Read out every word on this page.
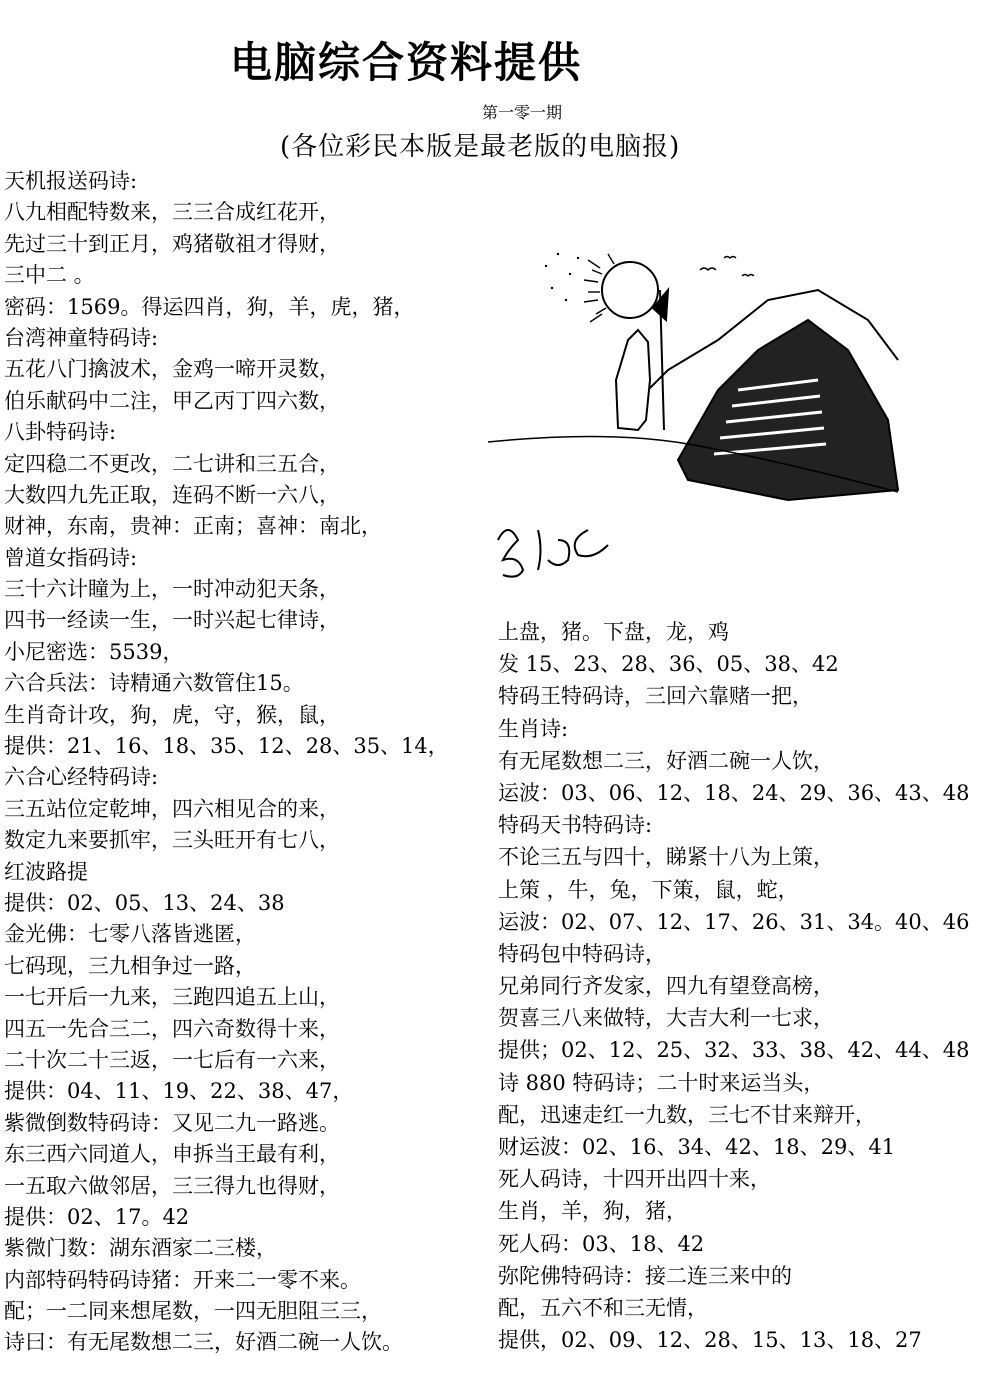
电脑综合资料提供
第一零一期
(各位彩民本版是最老版的电脑报)
天机报送码诗:
八九相配特数来，三三合成红花开，
先过三十到正月，鸡猪敬祖才得财，
三中二 。
密码：1569。得运四肖，狗，羊，虎，猪，
台湾神童特码诗:
五花八门擒波术，金鸡一啼开灵数，
伯乐献码中二注，甲乙丙丁四六数，
八卦特码诗:
定四稳二不更改，二七讲和三五合，
大数四九先正取，连码不断一六八，
财神，东南，贵神：正南；喜神：南北，
曾道女指码诗:
三十六计瞳为上，一时冲动犯天条，
四书一经读一生，一时兴起七律诗，
小尼密选：5539，
六合兵法：诗精通六数管住15。
生肖奇计攻，狗，虎，守，猴，鼠，
提供：21、16、18、35、12、28、35、14，
六合心经特码诗:
三五站位定乾坤，四六相见合的来，
数定九来要抓牢，三头旺开有七八，
红波路提
提供：02、05、13、24、38
金光佛：七零八落皆逃匿，
七码现，三九相争过一路，
一七开后一九来，三跑四追五上山，
四五一先合三二，四六奇数得十来，
二十次二十三返，一七后有一六来，
提供：04、11、19、22、38、47，
紫微倒数特码诗：又见二九一路逃。
东三西六同道人，申拆当王最有利，
一五取六做邻居，三三得九也得财，
提供：02、17。42
紫微门数：湖东酒家二三楼，
内部特码特码诗猪：开来二一零不来。
配；一二同来想尾数，一四无胆阻三三，
诗曰：有无尾数想二三，好酒二碗一人饮。
上盘，猪。下盘，龙，鸡
发 15、23、28、36、05、38、42
特码王特码诗，三回六靠赌一把，
生肖诗:
有无尾数想二三，好酒二碗一人饮，
运波：03、06、12、18、24、29、36、43、48
特码天书特码诗:
不论三五与四十，睇紧十八为上策，
上策 ，牛，兔，下策，鼠，蛇，
运波：02、07、12、17、26、31、34。40、46
特码包中特码诗，
兄弟同行齐发家，四九有望登高榜，
贺喜三八来做特，大吉大利一七求，
提供；02、12、25、32、33、38、42、44、48
诗 880 特码诗；二十时来运当头，
配，迅速走红一九数，三七不甘来辩开，
财运波：02、16、34、42、18、29、41
死人码诗，十四开出四十来，
生肖，羊，狗，猪，
死人码：03、18、42
弥陀佛特码诗：接二连三来中的
配，五六不和三无情，
提供，02、09、12、28、15、13、18、27
